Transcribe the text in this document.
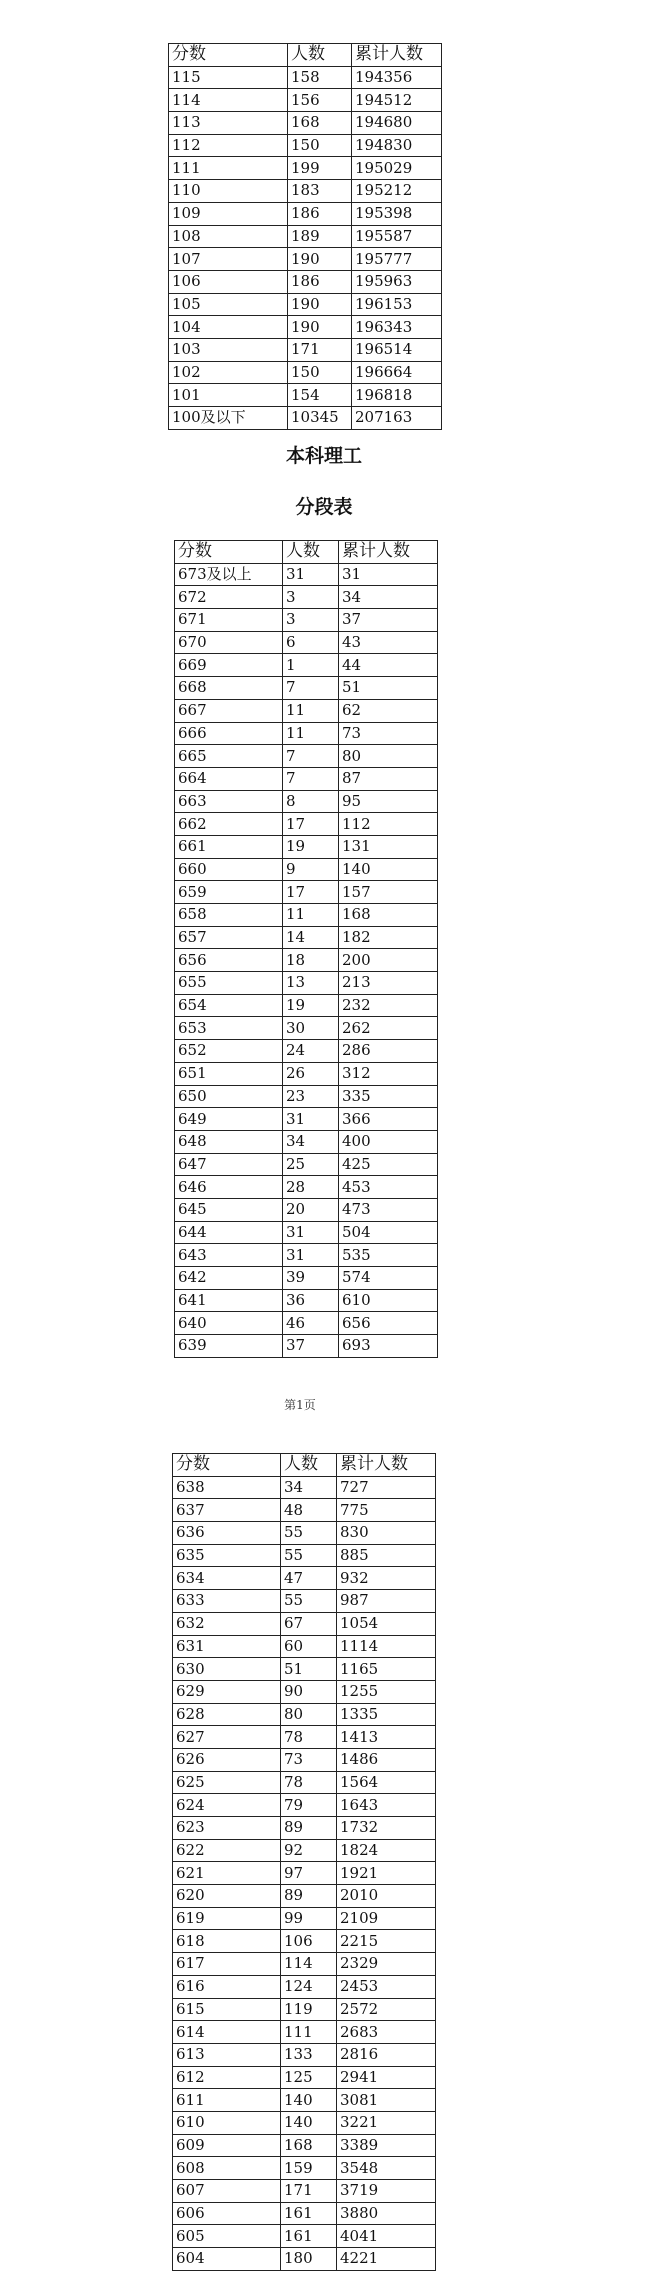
分数	人数	累计人数
115	158	194356
114	156	194512
113	168	194680
112	150	194830
111	199	195029
110	183	195212
109	186	195398
108	189	195587
107	190	195777
106	186	195963
105	190	196153
104	190	196343
103	171	196514
102	150	196664
101	154	196818
100及以下	10345	207163
本科理工
分段表
分数	人数	累计人数
673及以上	31	31
672	3	34
671	3	37
670	6	43
669	1	44
668	7	51
667	11	62
666	11	73
665	7	80
664	7	87
663	8	95
662	17	112
661	19	131
660	9	140
659	17	157
658	11	168
657	14	182
656	18	200
655	13	213
654	19	232
653	30	262
652	24	286
651	26	312
650	23	335
649	31	366
648	34	400
647	25	425
646	28	453
645	20	473
644	31	504
643	31	535
642	39	574
641	36	610
640	46	656
639	37	693
第1页
分数	人数	累计人数
638	34	727
637	48	775
636	55	830
635	55	885
634	47	932
633	55	987
632	67	1054
631	60	1114
630	51	1165
629	90	1255
628	80	1335
627	78	1413
626	73	1486
625	78	1564
624	79	1643
623	89	1732
622	92	1824
621	97	1921
620	89	2010
619	99	2109
618	106	2215
617	114	2329
616	124	2453
615	119	2572
614	111	2683
613	133	2816
612	125	2941
611	140	3081
610	140	3221
609	168	3389
608	159	3548
607	171	3719
606	161	3880
605	161	4041
604	180	4221
